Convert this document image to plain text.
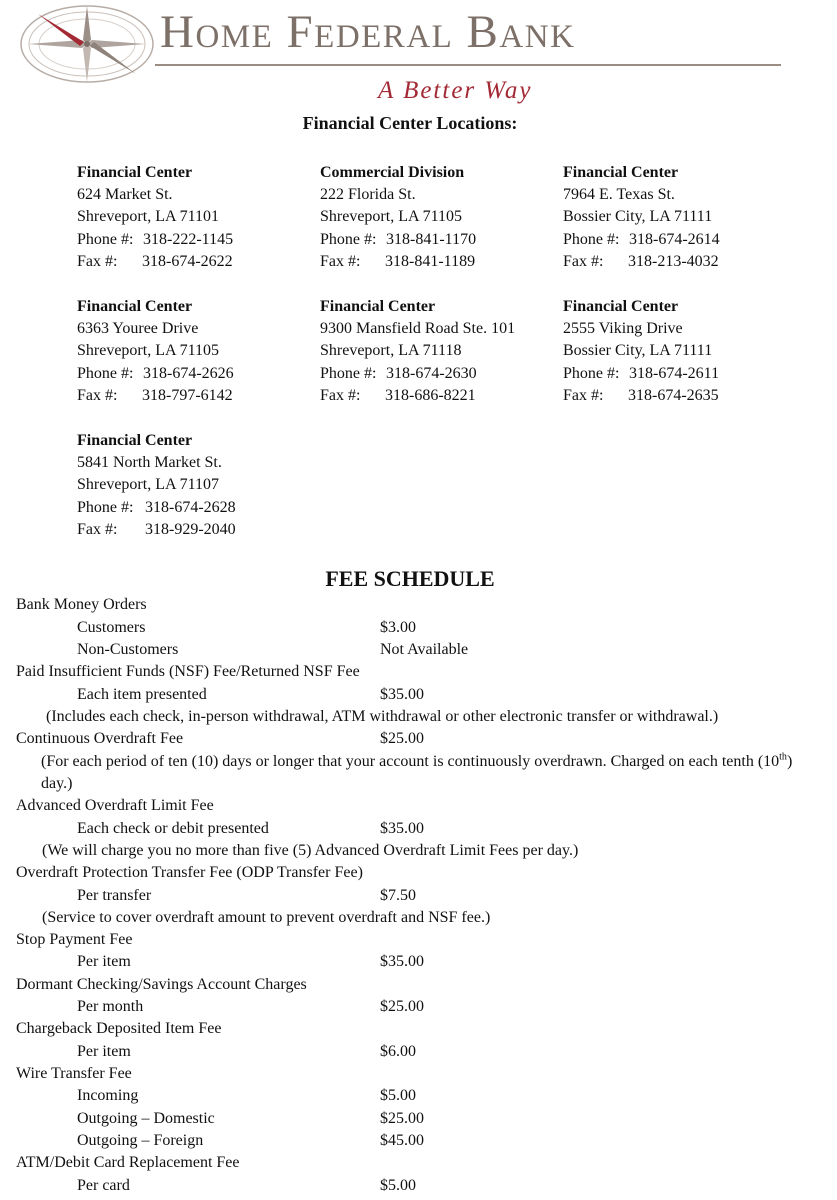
Home Federal Bank
A Better Way
Financial Center Locations:
Financial Center
624 Market St.
Shreveport, LA 71101
Phone #: 318-222-1145
Fax #: 318-674-2622
Commercial Division
222 Florida St.
Shreveport, LA 71105
Phone #: 318-841-1170
Fax #: 318-841-1189
Financial Center
7964 E. Texas St.
Bossier City, LA 71111
Phone #: 318-674-2614
Fax #: 318-213-4032
Financial Center
6363 Youree Drive
Shreveport, LA 71105
Phone #: 318-674-2626
Fax #: 318-797-6142
Financial Center
9300 Mansfield Road Ste. 101
Shreveport, LA 71118
Phone #: 318-674-2630
Fax #: 318-686-8221
Financial Center
2555 Viking Drive
Bossier City, LA 71111
Phone #: 318-674-2611
Fax #: 318-674-2635
Financial Center
5841 North Market St.
Shreveport, LA 71107
Phone #: 318-674-2628
Fax #: 318-929-2040
FEE SCHEDULE
Bank Money Orders
Customers	$3.00
Non-Customers	Not Available
Paid Insufficient Funds (NSF) Fee/Returned NSF Fee
Each item presented	$35.00
(Includes each check, in-person withdrawal, ATM withdrawal or other electronic transfer or withdrawal.)
Continuous Overdraft Fee	$25.00
(For each period of ten (10) days or longer that your account is continuously overdrawn. Charged on each tenth (10th) day.)
Advanced Overdraft Limit Fee
Each check or debit presented	$35.00
(We will charge you no more than five (5) Advanced Overdraft Limit Fees per day.)
Overdraft Protection Transfer Fee (ODP Transfer Fee)
Per transfer	$7.50
(Service to cover overdraft amount to prevent overdraft and NSF fee.)
Stop Payment Fee
Per item	$35.00
Dormant Checking/Savings Account Charges
Per month	$25.00
Chargeback Deposited Item Fee
Per item	$6.00
Wire Transfer Fee
Incoming	$5.00
Outgoing – Domestic	$25.00
Outgoing – Foreign	$45.00
ATM/Debit Card Replacement Fee
Per card	$5.00
